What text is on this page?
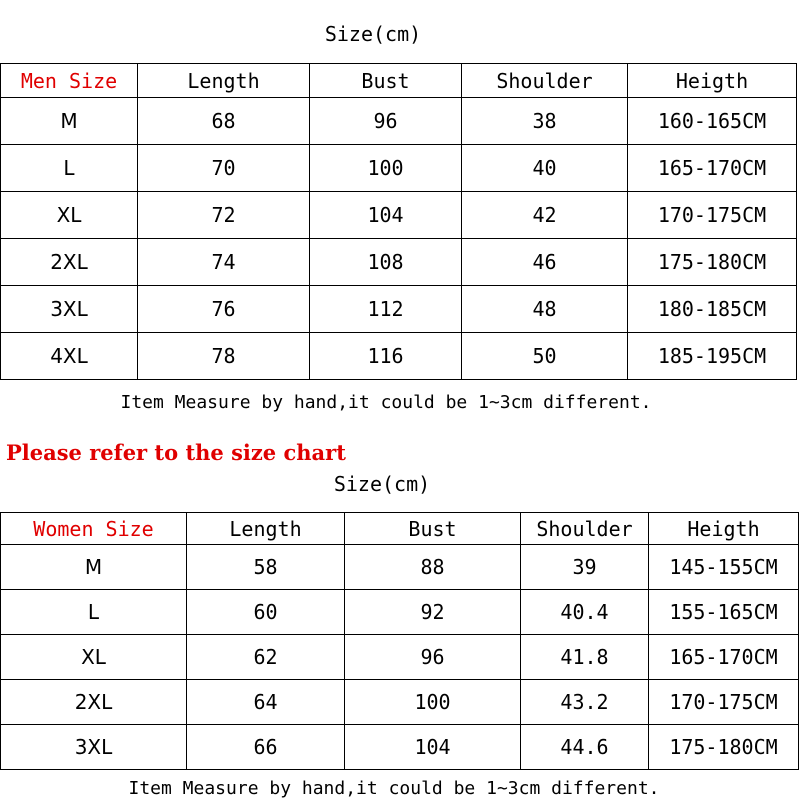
Size(cm)
Men Size	Length	Bust	Shoulder	Heigth
M	68	96	38	160-165CM
L	70	100	40	165-170CM
XL	72	104	42	170-175CM
2XL	74	108	46	175-180CM
3XL	76	112	48	180-185CM
4XL	78	116	50	185-195CM
Item Measure by hand,it could be 1~3cm different.
Please refer to the size chart
Size(cm)
Women Size	Length	Bust	Shoulder	Heigth
M	58	88	39	145-155CM
L	60	92	40.4	155-165CM
XL	62	96	41.8	165-170CM
2XL	64	100	43.2	170-175CM
3XL	66	104	44.6	175-180CM
Item Measure by hand,it could be 1~3cm different.
